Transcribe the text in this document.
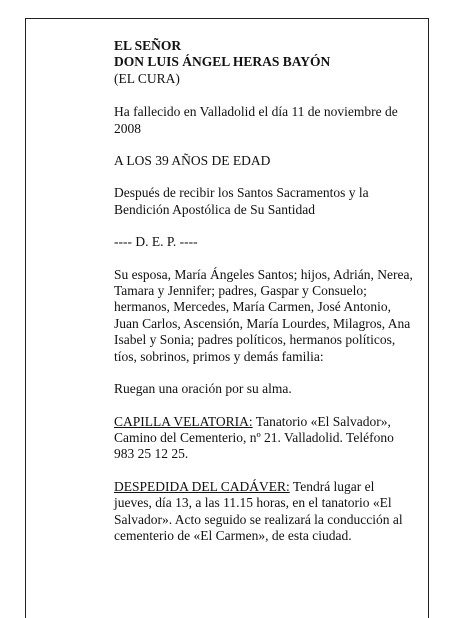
EL SEÑOR

DON LUIS ÁNGEL HERAS BAYÓN

(EL CURA)

Ha fallecido en Valladolid el día 11 de noviembre de 2008

A LOS 39 AÑOS DE EDAD

Después de recibir los Santos Sacramentos y la Bendición Apostólica de Su Santidad

---- D. E. P. ----

Su esposa, María Ángeles Santos; hijos, Adrián, Nerea, Tamara y Jennifer; padres, Gaspar y Consuelo; hermanos, Mercedes, María Carmen, José Antonio, Juan Carlos, Ascensión, María Lourdes, Milagros, Ana Isabel y Sonia; padres políticos, hermanos políticos, tíos, sobrinos, primos y demás familia:

Ruegan una oración por su alma.

CAPILLA VELATORIA: Tanatorio «El Salvador», Camino del Cementerio, nº 21. Valladolid. Teléfono 983 25 12 25.

DESPEDIDA DEL CADÁVER: Tendrá lugar el jueves, día 13, a las 11.15 horas, en el tanatorio «El Salvador». Acto seguido se realizará la conducción al cementerio de «El Carmen», de esta ciudad.
